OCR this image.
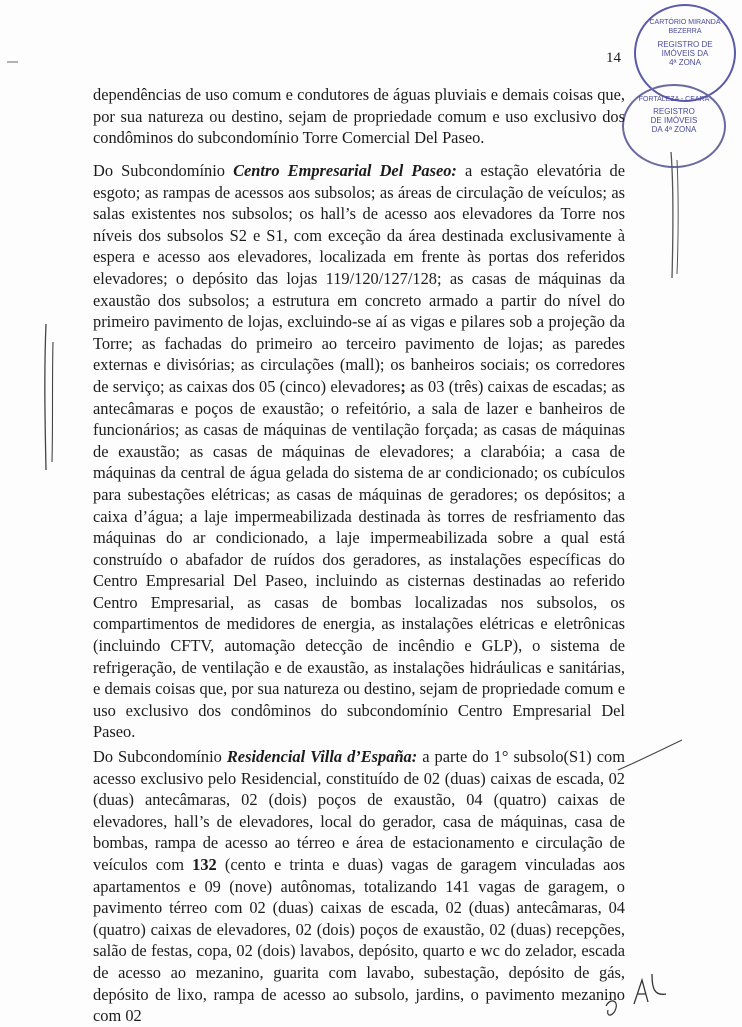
14
CARTÓRIO MIRANDA BEZERRA
REGISTRO DE
IMÓVEIS DA
4ª ZONA
FORTALEZA - CEARÁ
REGISTRO
DE IMÓVEIS
DA 4ª ZONA

dependências de uso comum e condutores de águas pluviais e demais coisas que, por sua natureza ou destino, sejam de propriedade comum e uso exclusivo dos condôminos do subcondomínio Torre Comercial Del Paseo.

Do Subcondomínio Centro Empresarial Del Paseo: a estação elevatória de esgoto; as rampas de acessos aos subsolos; as áreas de circulação de veículos; as salas existentes nos subsolos; os hall’s de acesso aos elevadores da Torre nos níveis dos subsolos S2 e S1, com exceção da área destinada exclusivamente à espera e acesso aos elevadores, localizada em frente às portas dos referidos elevadores; o depósito das lojas 119/120/127/128; as casas de máquinas da exaustão dos subsolos; a estrutura em concreto armado a partir do nível do primeiro pavimento de lojas, excluindo-se aí as vigas e pilares sob a projeção da Torre; as fachadas do primeiro ao terceiro pavimento de lojas; as paredes externas e divisórias; as circulações (mall); os banheiros sociais; os corredores de serviço; as caixas dos 05 (cinco) elevadores; as 03 (três) caixas de escadas; as antecâmaras e poços de exaustão; o refeitório, a sala de lazer e banheiros de funcionários; as casas de máquinas de ventilação forçada; as casas de máquinas de exaustão; as casas de máquinas de elevadores; a clarabóia; a casa de máquinas da central de água gelada do sistema de ar condicionado; os cubículos para subestações elétricas; as casas de máquinas de geradores; os depósitos; a caixa d’água; a laje impermeabilizada destinada às torres de resfriamento das máquinas do ar condicionado, a laje impermeabilizada sobre a qual está construído o abafador de ruídos dos geradores, as instalações específicas do Centro Empresarial Del Paseo, incluindo as cisternas destinadas ao referido Centro Empresarial, as casas de bombas localizadas nos subsolos, os compartimentos de medidores de energia, as instalações elétricas e eletrônicas (incluindo CFTV, automação detecção de incêndio e GLP), o sistema de refrigeração, de ventilação e de exaustão, as instalações hidráulicas e sanitárias, e demais coisas que, por sua natureza ou destino, sejam de propriedade comum e uso exclusivo dos condôminos do subcondomínio Centro Empresarial Del Paseo.

Do Subcondomínio Residencial Villa d’España: a parte do 1° subsolo(S1) com acesso exclusivo pelo Residencial, constituído de 02 (duas) caixas de escada, 02 (duas) antecâmaras, 02 (dois) poços de exaustão, 04 (quatro) caixas de elevadores, hall’s de elevadores, local do gerador, casa de máquinas, casa de bombas, rampa de acesso ao térreo e área de estacionamento e circulação de veículos com 132 (cento e trinta e duas) vagas de garagem vinculadas aos apartamentos e 09 (nove) autônomas, totalizando 141 vagas de garagem, o pavimento térreo com 02 (duas) caixas de escada, 02 (duas) antecâmaras, 04 (quatro) caixas de elevadores, 02 (dois) poços de exaustão, 02 (duas) recepções, salão de festas, copa, 02 (dois) lavabos, depósito, quarto e wc do zelador, escada de acesso ao mezanino, guarita com lavabo, subestação, depósito de gás, depósito de lixo, rampa de acesso ao subsolo, jardins, o pavimento mezanino com 02
